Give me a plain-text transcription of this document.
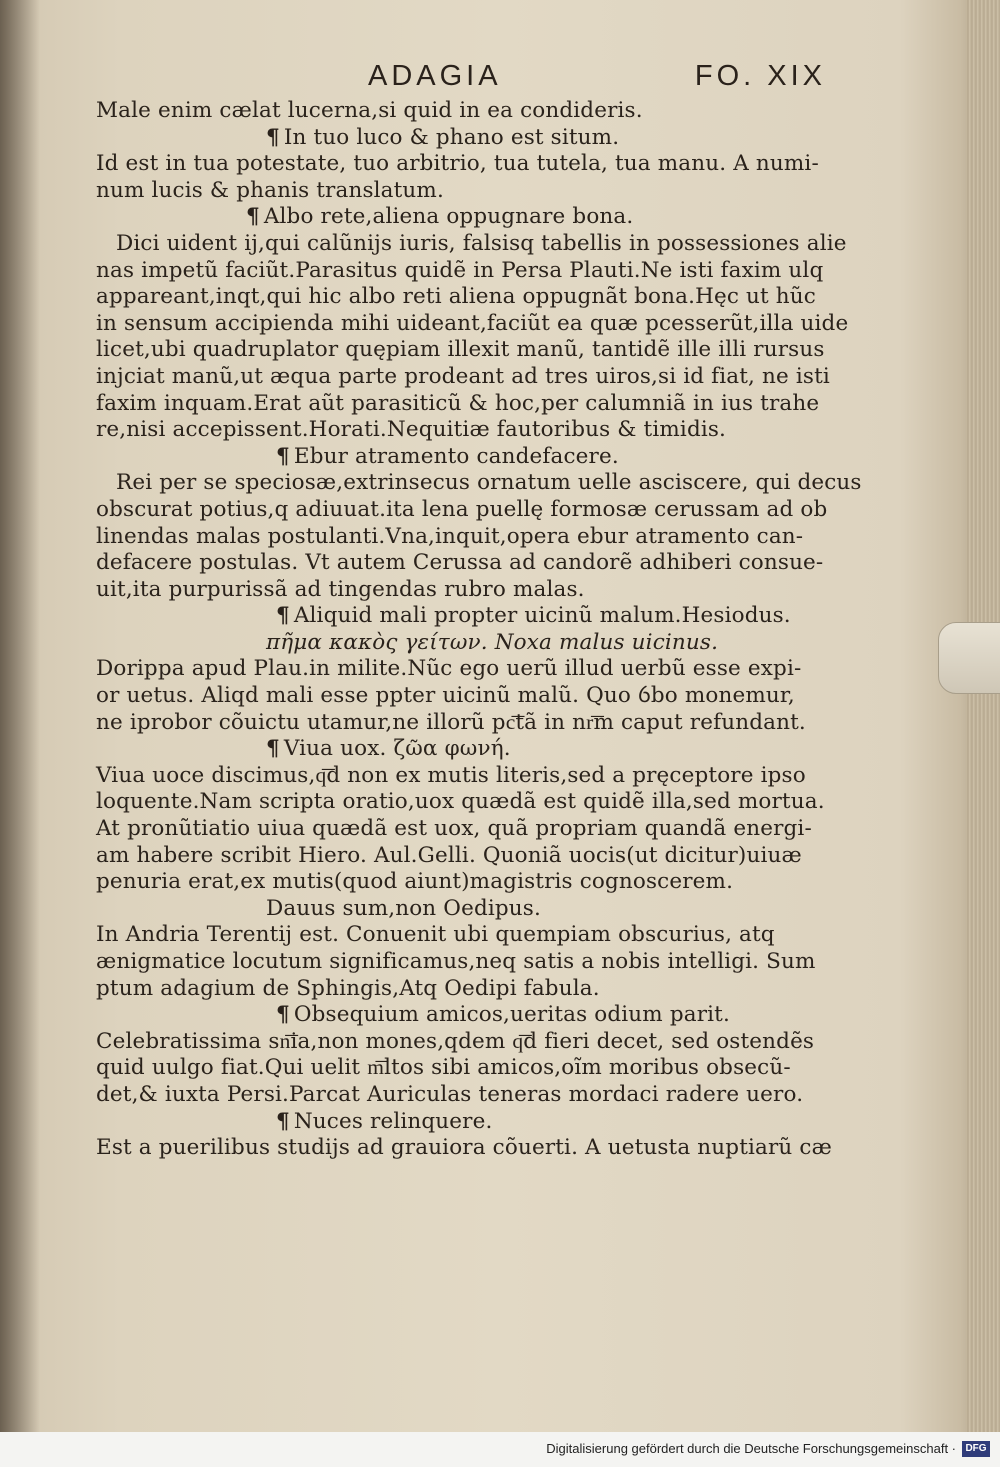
ADAGIA	FO. XIX
Male enim cælat lucerna,si quid in ea condideris.
¶ In tuo luco & phano est situm.
Id est in tua potestate, tuo arbitrio, tua tutela, tua manu. A numi-
num lucis & phanis translatum.
¶ Albo rete,aliena oppugnare bona.
Dici uident ij,qui calũnijs iuris, falsisq tabellis in possessiones alie
nas impetũ faciũt.Parasitus quidẽ in Persa Plauti.Ne isti faxim ulq
appareant,inqt,qui hic albo reti aliena oppugnãt bona.Hęc ut hũc
in sensum accipienda mihi uideant,faciũt ea quæ pcesserũt,illa uide
licet,ubi quadruplator quępiam illexit manũ, tantidẽ ille illi rursus
injciat manũ,ut æqua parte prodeant ad tres uiros,si id fiat, ne isti
faxim inquam.Erat aũt parasiticũ & hoc,per calumniã in ius trahe
re,nisi accepissent.Horati.Nequitiæ fautoribus & timidis.
¶ Ebur atramento candefacere.
Rei per se speciosæ,extrinsecus ornatum uelle asciscere, qui decus
obscurat potius,q adiuuat.ita lena puellę formosæ cerussam ad ob
linendas malas postulanti.Vna,inquit,opera ebur atramento can-
defacere postulas. Vt autem Cerussa ad candorẽ adhiberi consue-
uit,ita purpurissã ad tingendas rubro malas.
¶ Aliquid mali propter uicinũ malum.Hesiodus.
πῆμα κακὸς γείτων. Noxa malus uicinus.
Dorippa apud Plau.in milite.Nũc ego uerũ illud uerbũ esse expi-
or uetus. Aliqd mali esse ppter uicinũ malũ. Quo ỽbo monemur,
ne iprobor cõuictu utamur,ne illorũ pc͞tã in nr͞m caput refundant.
¶ Viua uox. ζῶα φωνή.
Viua uoce discimus,q͞d non ex mutis literis,sed a pręceptore ipso
loquente.Nam scripta oratio,uox quædã est quidẽ illa,sed mortua.
At pronũtiatio uiua quædã est uox, quã propriam quandã energi-
am habere scribit Hiero. Aul.Gelli. Quoniã uocis(ut dicitur)uiuæ
penuria erat,ex mutis(quod aiunt)magistris cognoscerem.
Dauus sum,non Oedipus.
In Andria Terentij est. Conuenit ubi quempiam obscurius, atq
ænigmatice locutum significamus,neq satis a nobis intelligi. Sum
ptum adagium de Sphingis,Atq Oedipi fabula.
¶ Obsequium amicos,ueritas odium parit.
Celebratissima sn͞ia,non mones,qdem q͞d fieri decet, sed ostendẽs
quid uulgo fiat.Qui uelit m͞ltos sibi amicos,oĩm moribus obsecũ-
det,& iuxta Persi.Parcat Auriculas teneras mordaci radere uero.
¶ Nuces relinquere.
Est a puerilibus studijs ad grauiora cõuerti. A uetusta nuptiarũ cæ
Digitalisierung gefördert durch die Deutsche Forschungsgemeinschaft · DFG
